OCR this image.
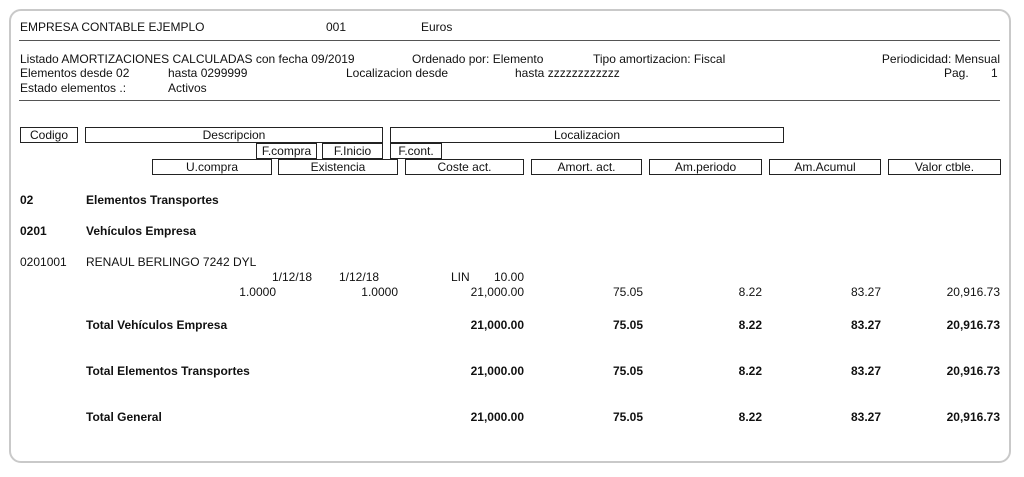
EMPRESA CONTABLE EJEMPLO	001	Euros
Listado AMORTIZACIONES CALCULADAS con fecha 09/2019	Ordenado por: Elemento	Tipo amortizacion: Fiscal	Periodicidad: Mensual
Elementos desde 02	hasta 0299999	Localizacion desde	hasta zzzzzzzzzzzz	Pag. 1
Estado elementos .:	Activos
Codigo	Descripcion	Localizacion
F.compra	F.Inicio	F.cont.
U.compra	Existencia	Coste act.	Amort. act.	Am.periodo	Am.Acumul	Valor ctble.
02	Elementos Transportes
0201	Vehículos Empresa
0201001 RENAUL BERLINGO 7242 DYL
1/12/18 1/12/18	LIN 10.00
1.0000	1.0000	21,000.00	75.05	8.22	83.27	20,916.73
Total Vehículos Empresa	21,000.00	75.05	8.22	83.27	20,916.73
Total Elementos Transportes	21,000.00	75.05	8.22	83.27	20,916.73
Total General	21,000.00	75.05	8.22	83.27	20,916.73
